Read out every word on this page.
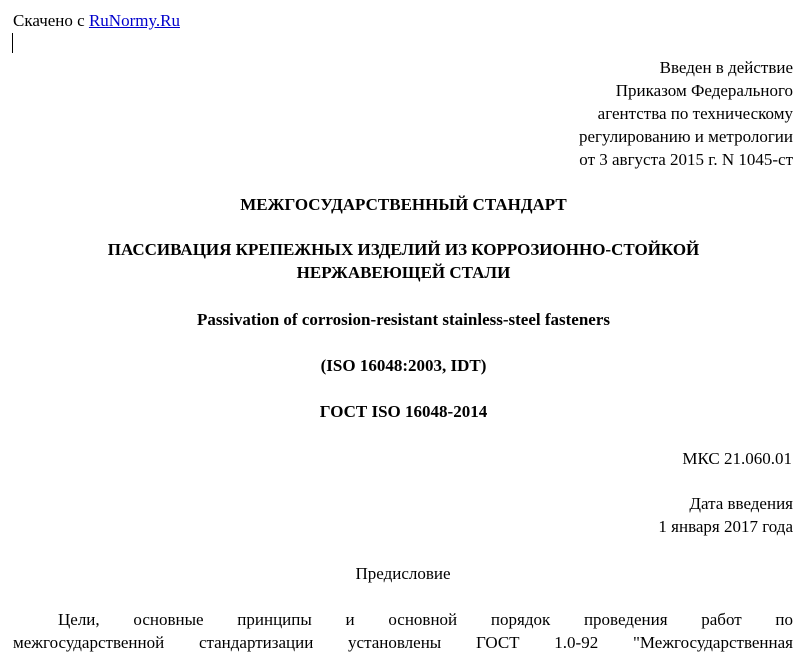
Скачено с RuNormy.Ru

Введен в действие
Приказом Федерального
агентства по техническому
регулированию и метрологии
от 3 августа 2015 г. N 1045-ст

МЕЖГОСУДАРСТВЕННЫЙ СТАНДАРТ

ПАССИВАЦИЯ КРЕПЕЖНЫХ ИЗДЕЛИЙ ИЗ КОРРОЗИОННО-СТОЙКОЙ
НЕРЖАВЕЮЩЕЙ СТАЛИ

Passivation of corrosion-resistant stainless-steel fasteners

(ISO 16048:2003, IDT)

ГОСТ ISO 16048-2014

МКС 21.060.01

Дата введения
1 января 2017 года

Предисловие

Цели, основные принципы и основной порядок проведения работ по
межгосударственной стандартизации установлены ГОСТ 1.0-92 "Межгосударственная
